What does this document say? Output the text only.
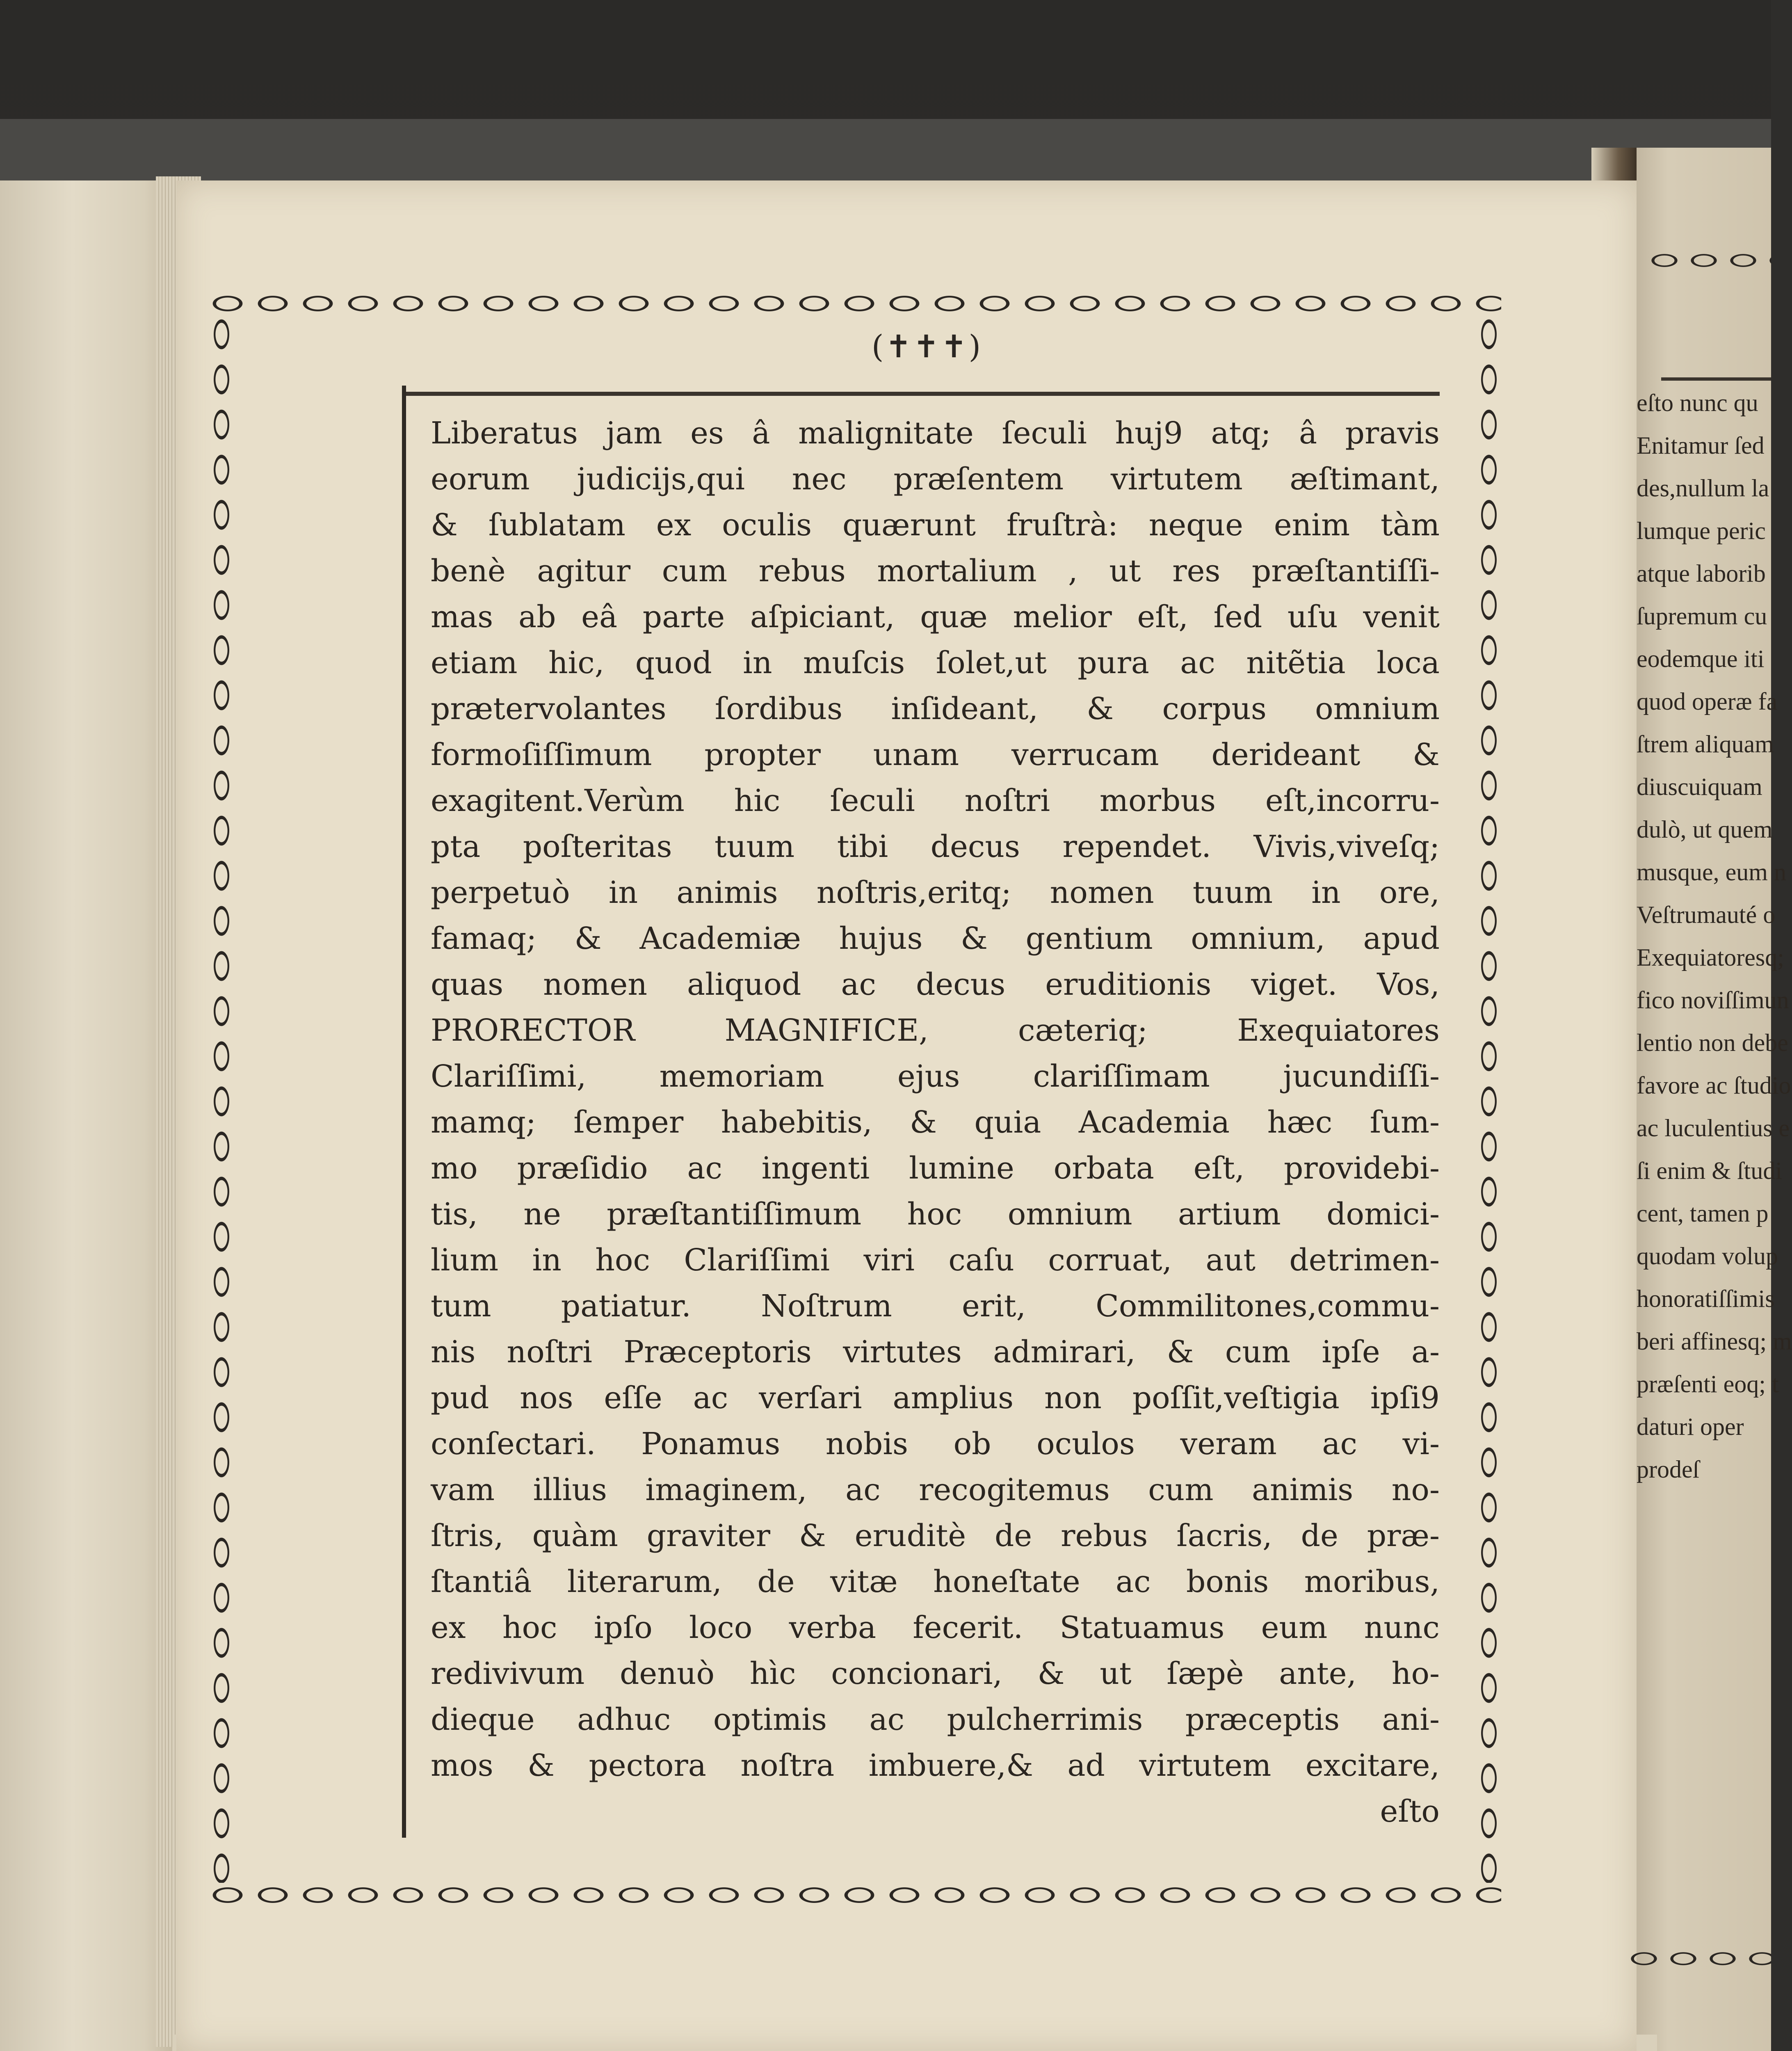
(✝✝✝)
Liberatus jam es â malignitate ſeculi huj9 atq; â pravis
eorum judicijs,qui nec præſentem virtutem æſtimant,
& ſublatam ex oculis quærunt fruſtrà: neque enim tàm
benè agitur cum rebus mortalium , ut res præſtantiſſi-
mas ab eâ parte aſpiciant, quæ melior eſt, ſed uſu venit
etiam hic, quod in muſcis ſolet,ut pura ac nitẽtia loca
prætervolantes ſordibus inſideant, & corpus omnium
formoſiſſimum propter unam verrucam derideant &
exagitent.Verùm hic ſeculi noſtri morbus eſt,incorru-
pta poſteritas tuum tibi decus rependet. Vivis,viveſq;
perpetuò in animis noſtris,eritq; nomen tuum in ore,
famaq; & Academiæ hujus & gentium omnium, apud
quas nomen aliquod ac decus eruditionis viget. Vos,
PRORECTOR MAGNIFICE, cæteriq; Exequiatores
Clariſſimi, memoriam ejus clariſſimam jucundiſſi-
mamq; ſemper habebitis, & quia Academia hæc ſum-
mo præſidio ac ingenti lumine orbata eſt, providebi-
tis, ne præſtantiſſimum hoc omnium artium domici-
lium in hoc Clariſſimi viri caſu corruat, aut detrimen-
tum patiatur. Noſtrum erit, Commilitones,commu-
nis noſtri Præceptoris virtutes admirari, & cum ipſe a-
pud nos eſſe ac verſari amplius non poſſit,veſtigia ipſi9
conſectari. Ponamus nobis ob oculos veram ac vi-
vam illius imaginem, ac recogitemus cum animis no-
ſtris, quàm graviter & eruditè de rebus ſacris, de præ-
ſtantiâ literarum, de vitæ honeſtate ac bonis moribus,
ex hoc ipſo loco verba fecerit. Statuamus eum nunc
redivivum denuò hìc concionari, & ut ſæpè ante, ho-
dieque adhuc optimis ac pulcherrimis præceptis ani-
mos & pectora noſtra imbuere,& ad virtutem excitare,
eſto
eſto nunc qu
Enitamur ſed
des,nullum la
lumque peric
atque laborib
ſupremum cu
eodemque iti
quod operæ fa
ſtrem aliquam
diuscuiquam
dulò, ut quem
musque, eum n
Veſtrumauté o
Exequiatoresq;
fico noviſſimun
lentio non debe
favore ac ſtudio
ac luculentius e
ſi enim & ſtudi
cent, tamen p
quodam volup
honoratiſſimis
beri affinesq; m
præſenti eoq; t
daturi oper
prodeſ
